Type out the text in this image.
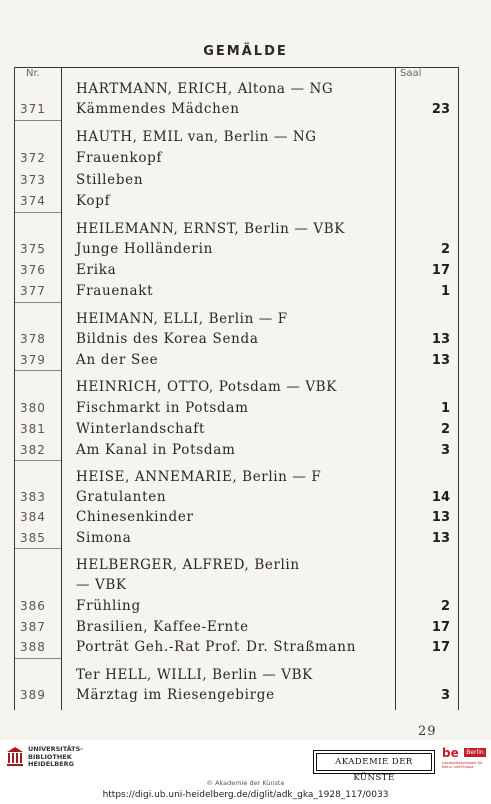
GEMÄLDE
Nr.	Saal
HARTMANN, ERICH, Altona — NG
371	Kämmendes Mädchen	23
HAUTH, EMIL van, Berlin — NG
372	Frauenkopf
373	Stilleben
374	Kopf
HEILEMANN, ERNST, Berlin — VBK
375	Junge Holländerin	2
376	Erika	17
377	Frauenakt	1
HEIMANN, ELLI, Berlin — F
378	Bildnis des Korea Senda	13
379	An der See	13
HEINRICH, OTTO, Potsdam — VBK
380	Fischmarkt in Potsdam	1
381	Winterlandschaft	2
382	Am Kanal in Potsdam	3
HEISE, ANNEMARIE, Berlin — F
383	Gratulanten	14
384	Chinesenkinder	13
385	Simona	13
HELBERGER, ALFRED, Berlin
— VBK
386	Frühling	2
387	Brasilien, Kaffee-Ernte	17
388	Porträt Geh.-Rat Prof. Dr. Straßmann	17
Ter HELL, WILLI, Berlin — VBK
389	Märztag im Riesengebirge	3
29
UNIVERSITÄTS-
BIBLIOTHEK
HEIDELBERG	AKADEMIE DER KÜNSTE
be	Berlin
Landesdenkmalamt für Kultur und Europa
© Akademie der Künste
https://digi.ub.uni-heidelberg.de/diglit/adk_gka_1928_117/0033
